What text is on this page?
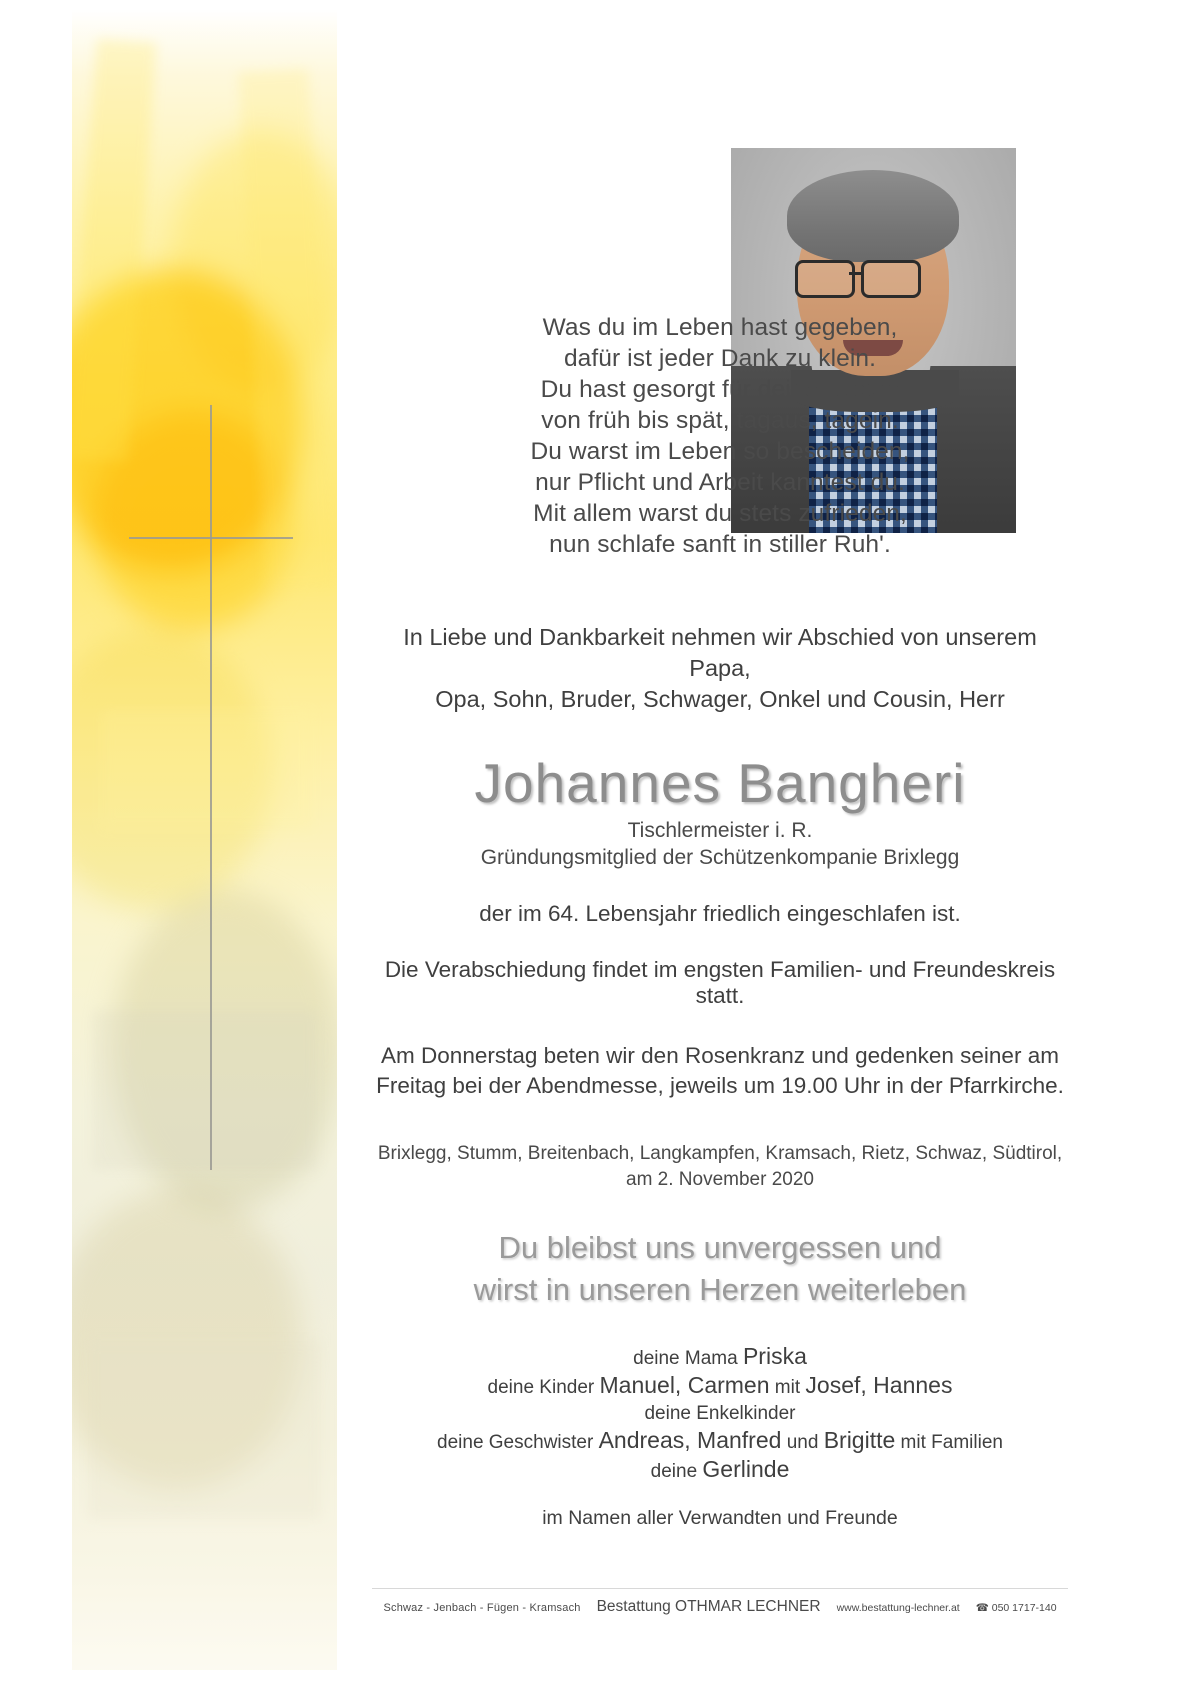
Was du im Leben hast gegeben,
dafür ist jeder Dank zu klein.
Du hast gesorgt für deine Lieben
von früh bis spät, tagaus, tagein.
Du warst im Leben so bescheiden,
nur Pflicht und Arbeit kanntest du.
Mit allem warst du stets zufrieden,
nun schlafe sanft in stiller Ruh'.
In Liebe und Dankbarkeit nehmen wir Abschied von unserem Papa,
Opa, Sohn, Bruder, Schwager, Onkel und Cousin, Herr
Johannes Bangheri
Tischlermeister i. R.
Gründungsmitglied der Schützenkompanie Brixlegg
der im 64. Lebensjahr friedlich eingeschlafen ist.
Die Verabschiedung findet im engsten Familien- und Freundeskreis statt.
Am Donnerstag beten wir den Rosenkranz und gedenken seiner am
Freitag bei der Abendmesse, jeweils um 19.00 Uhr in der Pfarrkirche.
Brixlegg, Stumm, Breitenbach, Langkampfen, Kramsach, Rietz, Schwaz, Südtirol,
am 2. November 2020
Du bleibst uns unvergessen und
wirst in unseren Herzen weiterleben
deine Mama Priska
deine Kinder Manuel, Carmen mit Josef, Hannes
deine Enkelkinder
deine Geschwister Andreas, Manfred und Brigitte mit Familien
deine Gerlinde
im Namen aller Verwandten und Freunde
Schwaz - Jenbach - Fügen - Kramsach Bestattung OTHMAR LECHNER www.bestattung-lechner.at ☎ 050 1717-140
